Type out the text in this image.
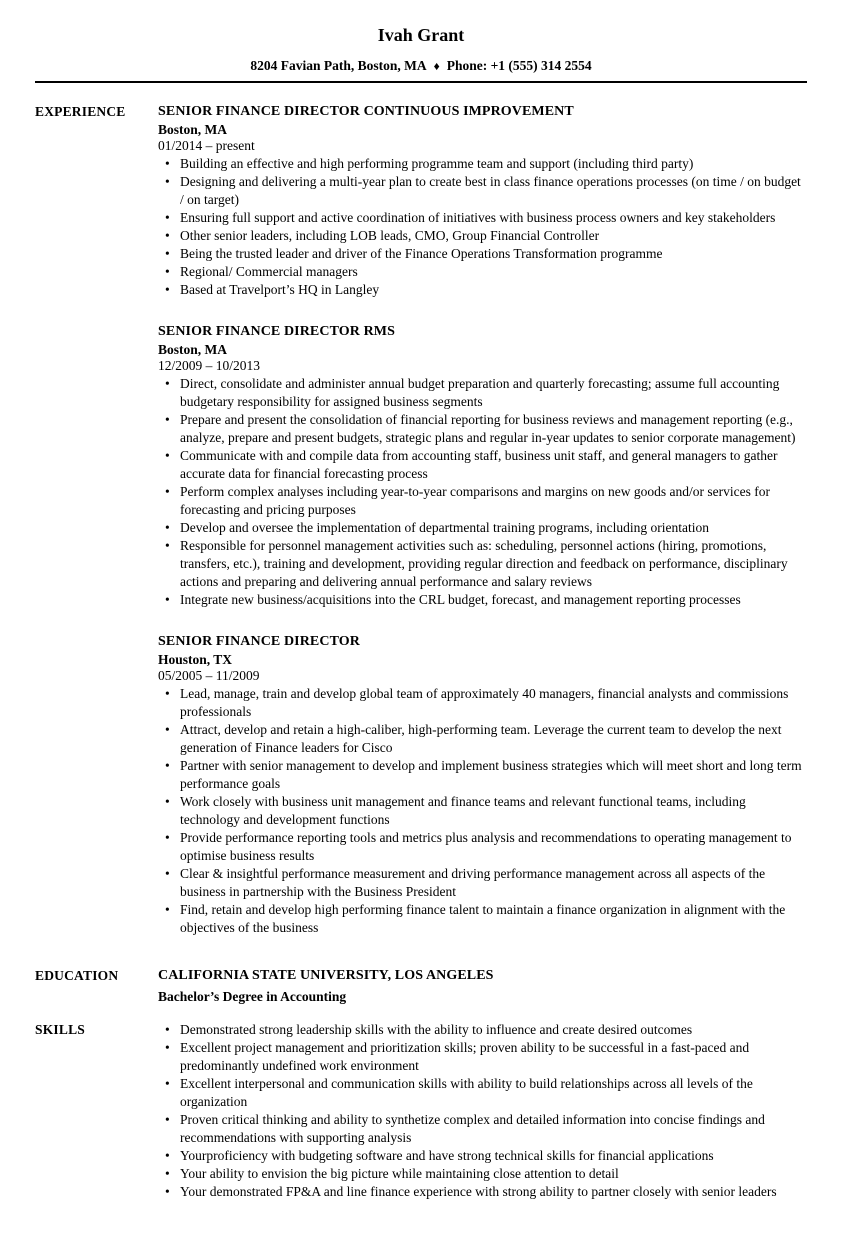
Ivah Grant
8204 Favian Path, Boston, MA ♦ Phone: +1 (555) 314 2554
EXPERIENCE	SENIOR FINANCE DIRECTOR CONTINUOUS IMPROVEMENT
Boston, MA
01/2014 – present
• Building an effective and high performing programme team and support (including third party)
• Designing and delivering a multi-year plan to create best in class finance operations processes (on time / on budget / on target)
• Ensuring full support and active coordination of initiatives with business process owners and key stakeholders
• Other senior leaders, including LOB leads, CMO, Group Financial Controller
• Being the trusted leader and driver of the Finance Operations Transformation programme
• Regional/ Commercial managers
• Based at Travelport’s HQ in Langley
SENIOR FINANCE DIRECTOR RMS
Boston, MA
12/2009 – 10/2013
• Direct, consolidate and administer annual budget preparation and quarterly forecasting; assume full accounting budgetary responsibility for assigned business segments
• Prepare and present the consolidation of financial reporting for business reviews and management reporting (e.g., analyze, prepare and present budgets, strategic plans and regular in-year updates to senior corporate management)
• Communicate with and compile data from accounting staff, business unit staff, and general managers to gather accurate data for financial forecasting process
• Perform complex analyses including year-to-year comparisons and margins on new goods and/or services for forecasting and pricing purposes
• Develop and oversee the implementation of departmental training programs, including orientation
• Responsible for personnel management activities such as: scheduling, personnel actions (hiring, promotions, transfers, etc.), training and development, providing regular direction and feedback on performance, disciplinary actions and preparing and delivering annual performance and salary reviews
• Integrate new business/acquisitions into the CRL budget, forecast, and management reporting processes
SENIOR FINANCE DIRECTOR
Houston, TX
05/2005 – 11/2009
• Lead, manage, train and develop global team of approximately 40 managers, financial analysts and commissions professionals
• Attract, develop and retain a high-caliber, high-performing team. Leverage the current team to develop the next generation of Finance leaders for Cisco
• Partner with senior management to develop and implement business strategies which will meet short and long term performance goals
• Work closely with business unit management and finance teams and relevant functional teams, including technology and development functions
• Provide performance reporting tools and metrics plus analysis and recommendations to operating management to optimise business results
• Clear & insightful performance measurement and driving performance management across all aspects of the business in partnership with the Business President
• Find, retain and develop high performing finance talent to maintain a finance organization in alignment with the objectives of the business
EDUCATION	CALIFORNIA STATE UNIVERSITY, LOS ANGELES
Bachelor’s Degree in Accounting
SKILLS	• Demonstrated strong leadership skills with the ability to influence and create desired outcomes
• Excellent project management and prioritization skills; proven ability to be successful in a fast-paced and predominantly undefined work environment
• Excellent interpersonal and communication skills with ability to build relationships across all levels of the organization
• Proven critical thinking and ability to synthetize complex and detailed information into concise findings and recommendations with supporting analysis
• Yourproficiency with budgeting software and have strong technical skills for financial applications
• Your ability to envision the big picture while maintaining close attention to detail
• Your demonstrated FP&A and line finance experience with strong ability to partner closely with senior leaders
